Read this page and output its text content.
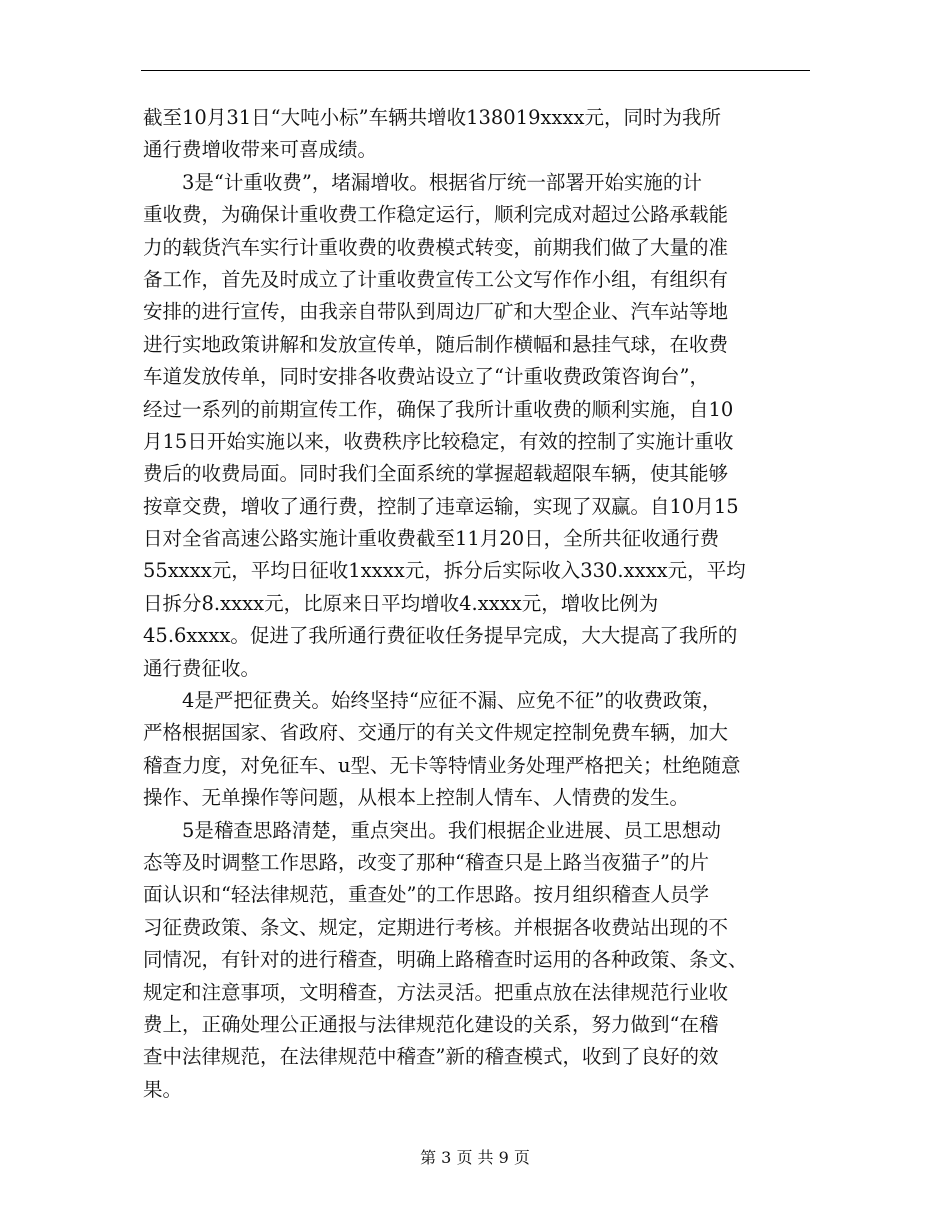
截至10月31日“大吨小标”车辆共增收138019xxxx元，同时为我所
通行费增收带来可喜成绩。
　　3是“计重收费”，堵漏增收。根据省厅统一部署开始实施的计
重收费，为确保计重收费工作稳定运行，顺利完成对超过公路承载能
力的载货汽车实行计重收费的收费模式转变，前期我们做了大量的准
备工作，首先及时成立了计重收费宣传工公文写作作小组，有组织有
安排的进行宣传，由我亲自带队到周边厂矿和大型企业、汽车站等地
进行实地政策讲解和发放宣传单，随后制作横幅和悬挂气球，在收费
车道发放传单，同时安排各收费站设立了“计重收费政策咨询台”，
经过一系列的前期宣传工作，确保了我所计重收费的顺利实施，自10
月15日开始实施以来，收费秩序比较稳定，有效的控制了实施计重收
费后的收费局面。同时我们全面系统的掌握超载超限车辆，使其能够
按章交费，增收了通行费，控制了违章运输，实现了双赢。自10月15
日对全省高速公路实施计重收费截至11月20日，全所共征收通行费
55xxxx元，平均日征收1xxxx元，拆分后实际收入330.xxxx元，平均
日拆分8.xxxx元，比原来日平均增收4.xxxx元，增收比例为
45.6xxxx。促进了我所通行费征收任务提早完成，大大提高了我所的
通行费征收。
　　4是严把征费关。始终坚持“应征不漏、应免不征”的收费政策，
严格根据国家、省政府、交通厅的有关文件规定控制免费车辆，加大
稽查力度，对免征车、u型、无卡等特情业务处理严格把关；杜绝随意
操作、无单操作等问题，从根本上控制人情车、人情费的发生。
　　5是稽查思路清楚，重点突出。我们根据企业进展、员工思想动
态等及时调整工作思路，改变了那种“稽查只是上路当夜猫子”的片
面认识和“轻法律规范，重查处”的工作思路。按月组织稽查人员学
习征费政策、条文、规定，定期进行考核。并根据各收费站出现的不
同情况，有针对的进行稽查，明确上路稽查时运用的各种政策、条文、
规定和注意事项，文明稽查，方法灵活。把重点放在法律规范行业收
费上，正确处理公正通报与法律规范化建设的关系，努力做到“在稽
查中法律规范，在法律规范中稽查”新的稽查模式，收到了良好的效
果。
第 3 页 共 9 页
